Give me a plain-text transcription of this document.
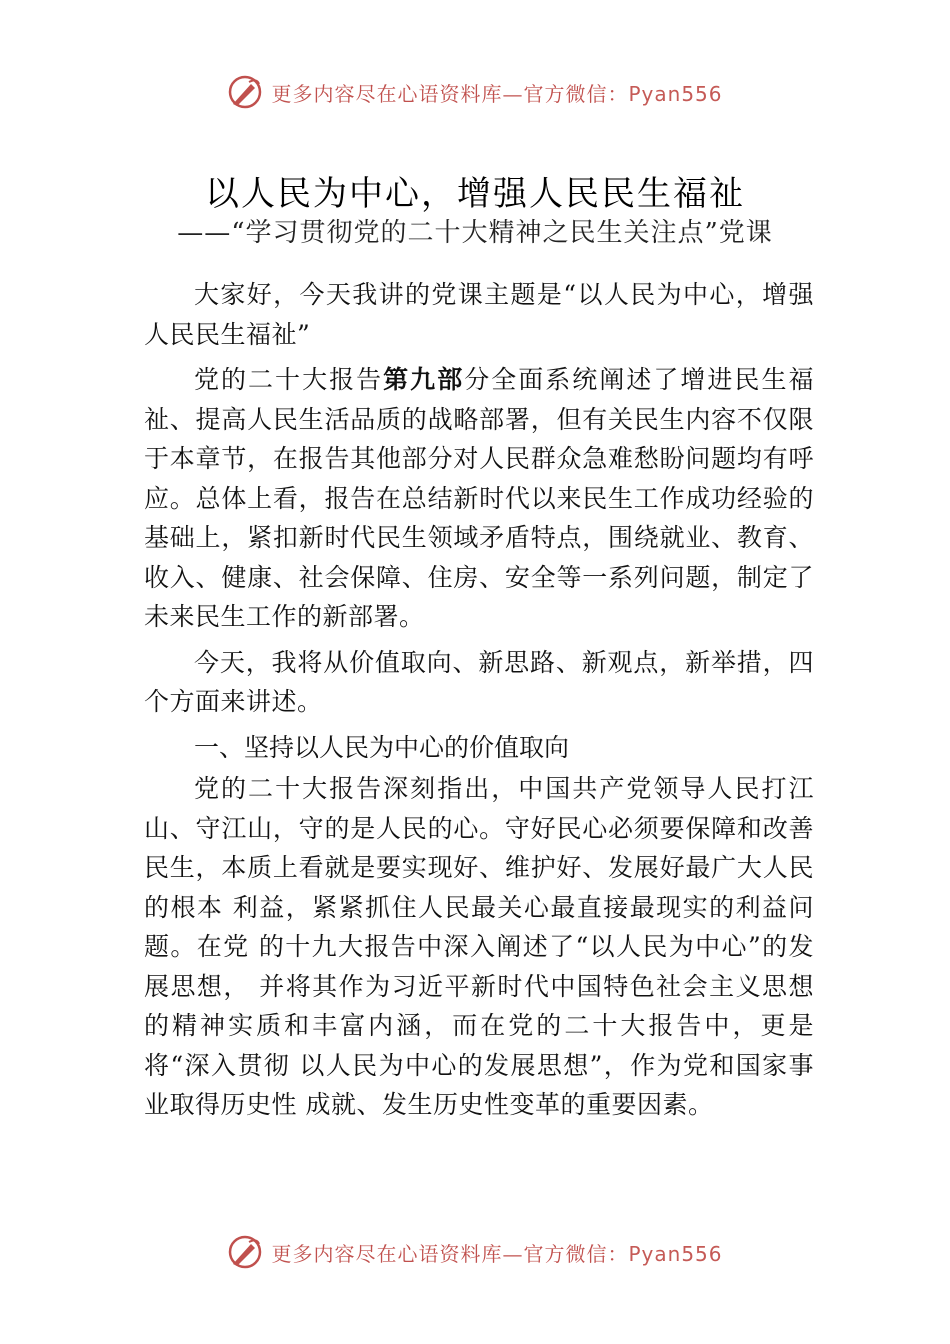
更多内容尽在心语资料库—官方微信：Pyan556
以人民为中心，增强人民民生福祉
——“学习贯彻党的二十大精神之民生关注点”党课

大家好，今天我讲的党课主题是“以人民为中心，增强人民民生福祉”

党的二十大报告第九部分全面系统阐述了增进民生福祉、提高人民生活品质的战略部署，但有关民生内容不仅限于本章节，在报告其他部分对人民群众急难愁盼问题均有呼应。总体上看，报告在总结新时代以来民生工作成功经验的基础上，紧扣新时代民生领域矛盾特点，围绕就业、教育、 收入、健康、社会保障、住房、安全等一系列问题，制定了未来民生工作的新部署。

今天，我将从价值取向、新思路、新观点，新举措，四个方面来讲述。

一、坚持以人民为中心的价值取向

党的二十大报告深刻指出，中国共产党领导人民打江山、守江山，守的是人民的心。守好民心必须要保障和改善民生，本质上看就是要实现好、维护好、发展好最广大人民的根本 利益，紧紧抓住人民最关心最直接最现实的利益问题。在党 的十九大报告中深入阐述了“以人民为中心”的发展思想， 并将其作为习近平新时代中国特色社会主义思想的精神实质和丰富内涵，而在党的二十大报告中，更是将“深入贯彻 以人民为中心的发展思想”，作为党和国家事业取得历史性 成就、发生历史性变革的重要因素。

更多内容尽在心语资料库—官方微信：Pyan556
